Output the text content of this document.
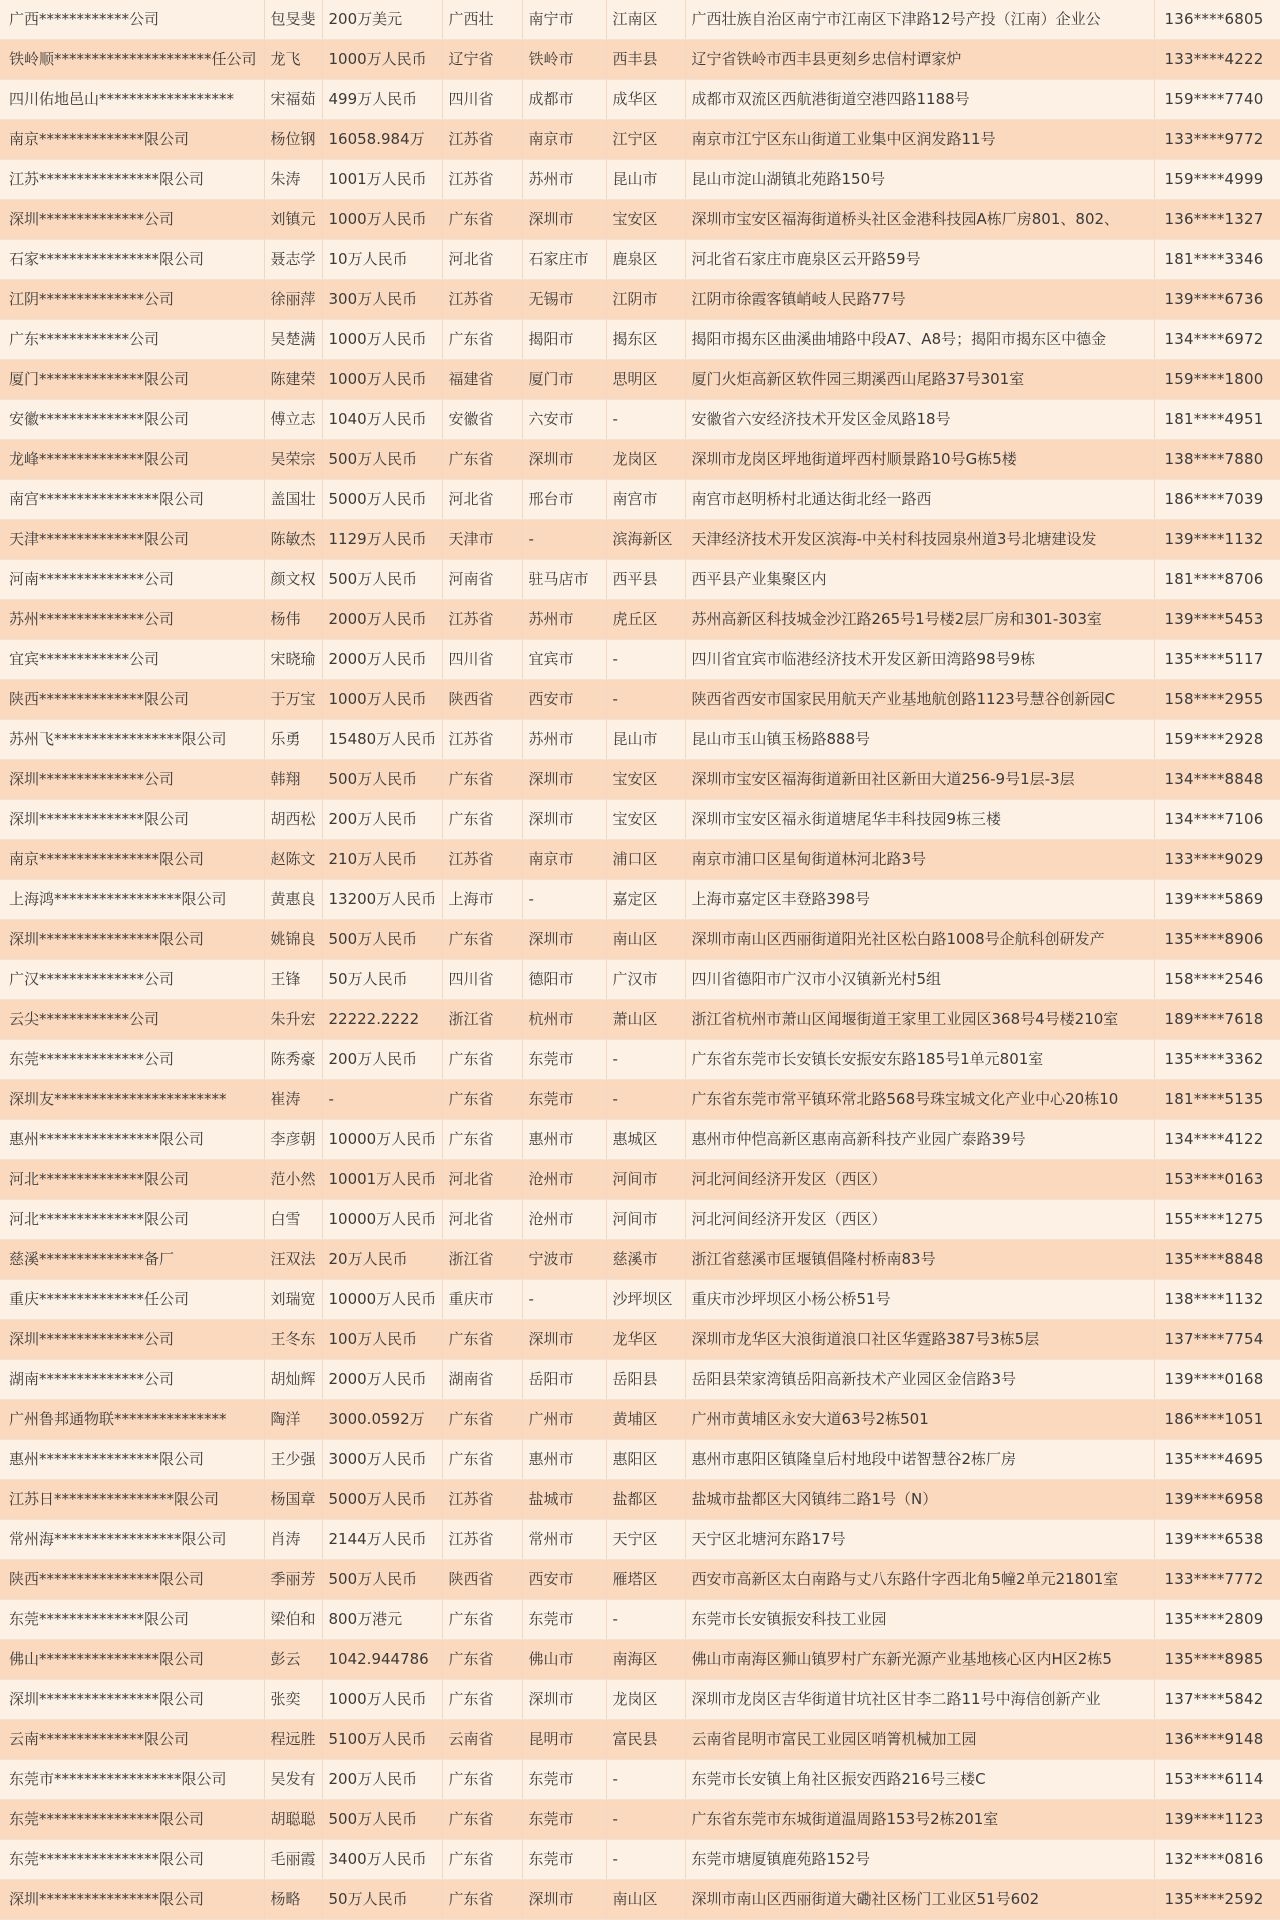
广西************公司	包旻斐	200万美元	广西壮	南宁市	江南区	广西壮族自治区南宁市江南区下津路12号产投（江南）企业公	136****6805
铁岭顺*********************任公司	龙飞	1000万人民币	辽宁省	铁岭市	西丰县	辽宁省铁岭市西丰县更刻乡忠信村谭家炉	133****4222
四川佑地邑山******************	宋福茹	499万人民币	四川省	成都市	成华区	成都市双流区西航港街道空港四路1188号	159****7740
南京**************限公司	杨位钢	16058.984万	江苏省	南京市	江宁区	南京市江宁区东山街道工业集中区润发路11号	133****9772
江苏****************限公司	朱涛	1001万人民币	江苏省	苏州市	昆山市	昆山市淀山湖镇北苑路150号	159****4999
深圳**************公司	刘镇元	1000万人民币	广东省	深圳市	宝安区	深圳市宝安区福海街道桥头社区金港科技园A栋厂房801、802、	136****1327
石家****************限公司	聂志学	10万人民币	河北省	石家庄市	鹿泉区	河北省石家庄市鹿泉区云开路59号	181****3346
江阴**************公司	徐丽萍	300万人民币	江苏省	无锡市	江阴市	江阴市徐霞客镇峭岐人民路77号	139****6736
广东************公司	吴楚满	1000万人民币	广东省	揭阳市	揭东区	揭阳市揭东区曲溪曲埔路中段A7、A8号；揭阳市揭东区中德金	134****6972
厦门**************限公司	陈建荣	1000万人民币	福建省	厦门市	思明区	厦门火炬高新区软件园三期溪西山尾路37号301室	159****1800
安徽**************限公司	傅立志	1040万人民币	安徽省	六安市	-	安徽省六安经济技术开发区金凤路18号	181****4951
龙峰**************限公司	吴荣宗	500万人民币	广东省	深圳市	龙岗区	深圳市龙岗区坪地街道坪西村顺景路10号G栋5楼	138****7880
南宫****************限公司	盖国壮	5000万人民币	河北省	邢台市	南宫市	南宫市赵明桥村北通达街北经一路西	186****7039
天津**************限公司	陈敏杰	1129万人民币	天津市	-	滨海新区	天津经济技术开发区滨海-中关村科技园泉州道3号北塘建设发	139****1132
河南**************公司	颜文权	500万人民币	河南省	驻马店市	西平县	西平县产业集聚区内	181****8706
苏州**************公司	杨伟	2000万人民币	江苏省	苏州市	虎丘区	苏州高新区科技城金沙江路265号1号楼2层厂房和301-303室	139****5453
宜宾************公司	宋晓瑜	2000万人民币	四川省	宜宾市	-	四川省宜宾市临港经济技术开发区新田湾路98号9栋	135****5117
陕西**************限公司	于万宝	1000万人民币	陕西省	西安市	-	陕西省西安市国家民用航天产业基地航创路1123号慧谷创新园C	158****2955
苏州飞*****************限公司	乐勇	15480万人民币	江苏省	苏州市	昆山市	昆山市玉山镇玉杨路888号	159****2928
深圳**************公司	韩翔	500万人民币	广东省	深圳市	宝安区	深圳市宝安区福海街道新田社区新田大道256-9号1层-3层	134****8848
深圳**************限公司	胡西松	200万人民币	广东省	深圳市	宝安区	深圳市宝安区福永街道塘尾华丰科技园9栋三楼	134****7106
南京****************限公司	赵陈文	210万人民币	江苏省	南京市	浦口区	南京市浦口区星甸街道林河北路3号	133****9029
上海鸿*****************限公司	黄惠良	13200万人民币	上海市	-	嘉定区	上海市嘉定区丰登路398号	139****5869
深圳****************限公司	姚锦良	500万人民币	广东省	深圳市	南山区	深圳市南山区西丽街道阳光社区松白路1008号企航科创研发产	135****8906
广汉**************公司	王锋	50万人民币	四川省	德阳市	广汉市	四川省德阳市广汉市小汉镇新光村5组	158****2546
云尖************公司	朱升宏	22222.2222	浙江省	杭州市	萧山区	浙江省杭州市萧山区闻堰街道王家里工业园区368号4号楼210室	189****7618
东莞**************公司	陈秀豪	200万人民币	广东省	东莞市	-	广东省东莞市长安镇长安振安东路185号1单元801室	135****3362
深圳友***********************	崔涛	-	广东省	东莞市	-	广东省东莞市常平镇环常北路568号珠宝城文化产业中心20栋10	181****5135
惠州****************限公司	李彦朝	10000万人民币	广东省	惠州市	惠城区	惠州市仲恺高新区惠南高新科技产业园广泰路39号	134****4122
河北**************限公司	范小然	10001万人民币	河北省	沧州市	河间市	河北河间经济开发区（西区）	153****0163
河北**************限公司	白雪	10000万人民币	河北省	沧州市	河间市	河北河间经济开发区（西区）	155****1275
慈溪**************备厂	汪双法	20万人民币	浙江省	宁波市	慈溪市	浙江省慈溪市匡堰镇倡隆村桥南83号	135****8848
重庆**************任公司	刘瑞宽	10000万人民币	重庆市	-	沙坪坝区	重庆市沙坪坝区小杨公桥51号	138****1132
深圳**************公司	王冬东	100万人民币	广东省	深圳市	龙华区	深圳市龙华区大浪街道浪口社区华霆路387号3栋5层	137****7754
湖南**************公司	胡灿辉	2000万人民币	湖南省	岳阳市	岳阳县	岳阳县荣家湾镇岳阳高新技术产业园区金信路3号	139****0168
广州鲁邦通物联***************	陶洋	3000.0592万	广东省	广州市	黄埔区	广州市黄埔区永安大道63号2栋501	186****1051
惠州****************限公司	王少强	3000万人民币	广东省	惠州市	惠阳区	惠州市惠阳区镇隆皇后村地段中诺智慧谷2栋厂房	135****4695
江苏日****************限公司	杨国章	5000万人民币	江苏省	盐城市	盐都区	盐城市盐都区大冈镇纬二路1号（N）	139****6958
常州海*****************限公司	肖涛	2144万人民币	江苏省	常州市	天宁区	天宁区北塘河东路17号	139****6538
陕西****************限公司	季丽芳	500万人民币	陕西省	西安市	雁塔区	西安市高新区太白南路与丈八东路什字西北角5幢2单元21801室	133****7772
东莞**************限公司	梁伯和	800万港元	广东省	东莞市	-	东莞市长安镇振安科技工业园	135****2809
佛山****************限公司	彭云	1042.944786	广东省	佛山市	南海区	佛山市南海区狮山镇罗村广东新光源产业基地核心区内H区2栋5	135****8985
深圳****************限公司	张奕	1000万人民币	广东省	深圳市	龙岗区	深圳市龙岗区吉华街道甘坑社区甘李二路11号中海信创新产业	137****5842
云南**************限公司	程远胜	5100万人民币	云南省	昆明市	富民县	云南省昆明市富民工业园区哨箐机械加工园	136****9148
东莞市*****************限公司	吴发有	200万人民币	广东省	东莞市	-	东莞市长安镇上角社区振安西路216号三楼C	153****6114
东莞****************限公司	胡聪聪	500万人民币	广东省	东莞市	-	广东省东莞市东城街道温周路153号2栋201室	139****1123
东莞****************限公司	毛丽霞	3400万人民币	广东省	东莞市	-	东莞市塘厦镇鹿苑路152号	132****0816
深圳****************限公司	杨略	50万人民币	广东省	深圳市	南山区	深圳市南山区西丽街道大磡社区杨门工业区51号602	135****2592
